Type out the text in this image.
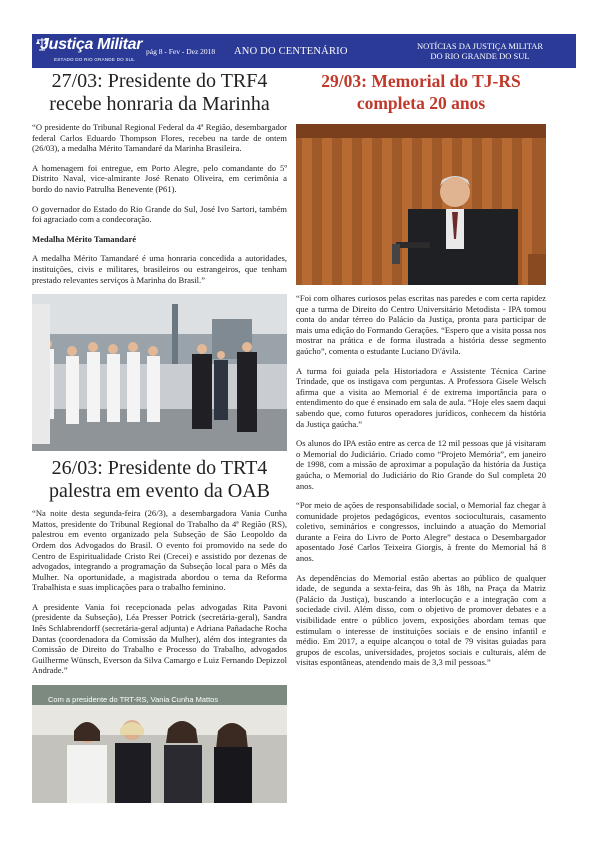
Justiça Militar
ESTADO DO RIO GRANDE DO SUL
pág 8 - Fev - Dez 2018	ANO DO CENTENÁRIO	NOTÍCIAS DA JUSTIÇA MILITAR
DO RIO GRANDE DO SUL
27/03: Presidente do TRF4 recebe honraria da Marinha

“O presidente do Tribunal Regional Federal da 4ª Região, desembargador federal Carlos Eduardo Thompson Flores, recebeu na tarde de ontem (26/03), a medalha Mérito Tamandaré da Marinha Brasileira.

A homenagem foi entregue, em Porto Alegre, pelo comandante do 5º Distrito Naval, vice-almirante José Renato Oliveira, em cerimônia a bordo do navio Patrulha Benevente (P61).

O governador do Estado do Rio Grande do Sul, José Ivo Sartori, também foi agraciado com a condecoração.

Medalha Mérito Tamandaré

A medalha Mérito Tamandaré é uma honraria concedida a autoridades, instituições, civis e militares, brasileiros ou estrangeiros, que tenham prestado relevantes serviços à Marinha do Brasil.”

26/03: Presidente do TRT4 palestra em evento da OAB

“Na noite desta segunda-feira (26/3), a desembargadora Vania Cunha Mattos, presidente do Tribunal Regional do Trabalho da 4ª Região (RS), palestrou em evento organizado pela Subseção de São Leopoldo da Ordem dos Advogados do Brasil. O evento foi promovido na sede do Centro de Espiritualidade Cristo Rei (Crecei) e assistido por dezenas de advogados, integrando a programação da Subseção local para o Mês da Mulher. Na oportunidade, a magistrada abordou o tema da Reforma Trabalhista e suas implicações para o trabalho feminino.

A presidente Vania foi recepcionada pelas advogadas Rita Pavoni (presidente da Subseção), Léa Presser Potrick (secretária-geral), Sandra Inês Schlabrendorff (secretária-geral adjunta) e Adriana Pañadache Rocha Dantas (coordenadora da Comissão da Mulher), além dos integrantes da Comissão de Direito do Trabalho e Processo do Trabalho, advogados Guilherme Wünsch, Everson da Silva Camargo e Luiz Fernando Depizzol Andrade.”

Com a presidente do TRT-RS, Vania Cunha Mattos
29/03: Memorial do TJ-RS completa 20 anos

“Foi com olhares curiosos pelas escritas nas paredes e com certa rapidez que a turma de Direito do Centro Universitário Metodista - IPA tomou conta do andar térreo do Palácio da Justiça, pronta para participar de mais uma edição do Formando Gerações. “Espero que a visita possa nos mostrar na prática e de forma ilustrada a história desse segmento gaúcho”, comenta o estudante Luciano D\'ávila.

A turma foi guiada pela Historiadora e Assistente Técnica Carine Trindade, que os instigava com perguntas. A Professora Gisele Welsch afirma que a visita ao Memorial é de extrema importância para o entendimento do que é ensinado em sala de aula. “Hoje eles saem daqui sabendo que, como futuros operadores jurídicos, conhecem da história da Justiça gaúcha.”

Os alunos do IPA estão entre as cerca de 12 mil pessoas que já visitaram o Memorial do Judiciário. Criado como “Projeto Memória”, em janeiro de 1998, com a missão de aproximar a população da história da Justiça gaúcha, o Memorial do Judiciário do Rio Grande do Sul completa 20 anos.

“Por meio de ações de responsabilidade social, o Memorial faz chegar à comunidade projetos pedagógicos, eventos socioculturais, casamento coletivo, seminários e congressos, incluindo a atuação do Memorial durante a Feira do Livro de Porto Alegre” destaca o Desembargador aposentado José Carlos Teixeira Giorgis, à frente do Memorial há 8 anos.

As dependências do Memorial estão abertas ao público de qualquer idade, de segunda a sexta-feira, das 9h às 18h, na Praça da Matriz (Palácio da Justiça), buscando a interlocução e a integração com a sociedade civil. Além disso, com o objetivo de promover debates e a visibilidade entre o público jovem, exposições abordam temas que estimulam o interesse de instituições sociais e de ensino infantil e médio. Em 2017, a equipe alcançou o total de 79 visitas guiadas para grupos de escolas, universidades, projetos sociais e culturais, além de visitas espontâneas, atendendo mais de 3,3 mil pessoas.”
